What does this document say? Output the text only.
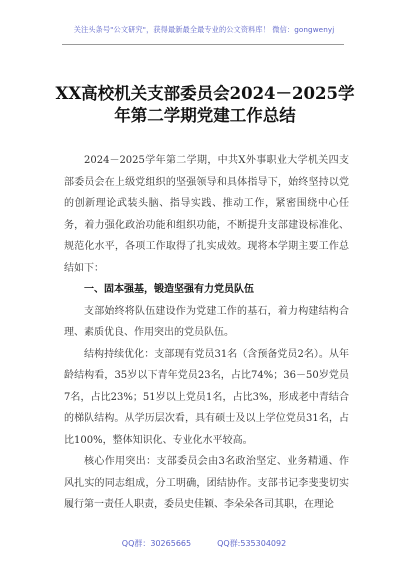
关注头条号"公文研究"，获得最新最全最专业的公文资料库！ 微信：gongwenyj
XX高校机关支部委员会2024－2025学年第二学期党建工作总结

2024－2025学年第二学期，中共X外事职业大学机关四支部委员会在上级党组织的坚强领导和具体指导下，始终坚持以党的创新理论武装头脑、指导实践、推动工作，紧密围绕中心任务，着力强化政治功能和组织功能，不断提升支部建设标准化、规范化水平，各项工作取得了扎实成效。现将本学期主要工作总结如下：

一、固本强基，锻造坚强有力党员队伍

支部始终将队伍建设作为党建工作的基石，着力构建结构合理、素质优良、作用突出的党员队伍。

结构持续优化：支部现有党员31名（含预备党员2名）。从年龄结构看，35岁以下青年党员23名，占比74%；36－50岁党员7名，占比23%；51岁以上党员1名，占比3%，形成老中青结合的梯队结构。从学历层次看，具有硕士及以上学位党员31名，占比100%，整体知识化、专业化水平较高。

核心作用突出：支部委员会由3名政治坚定、业务精通、作风扎实的同志组成，分工明确，团结协作。支部书记李斐斐切实履行第一责任人职责，委员史佳颖、李朵朵各司其职，在理论

QQ群：30265665	QQ群:535304092
